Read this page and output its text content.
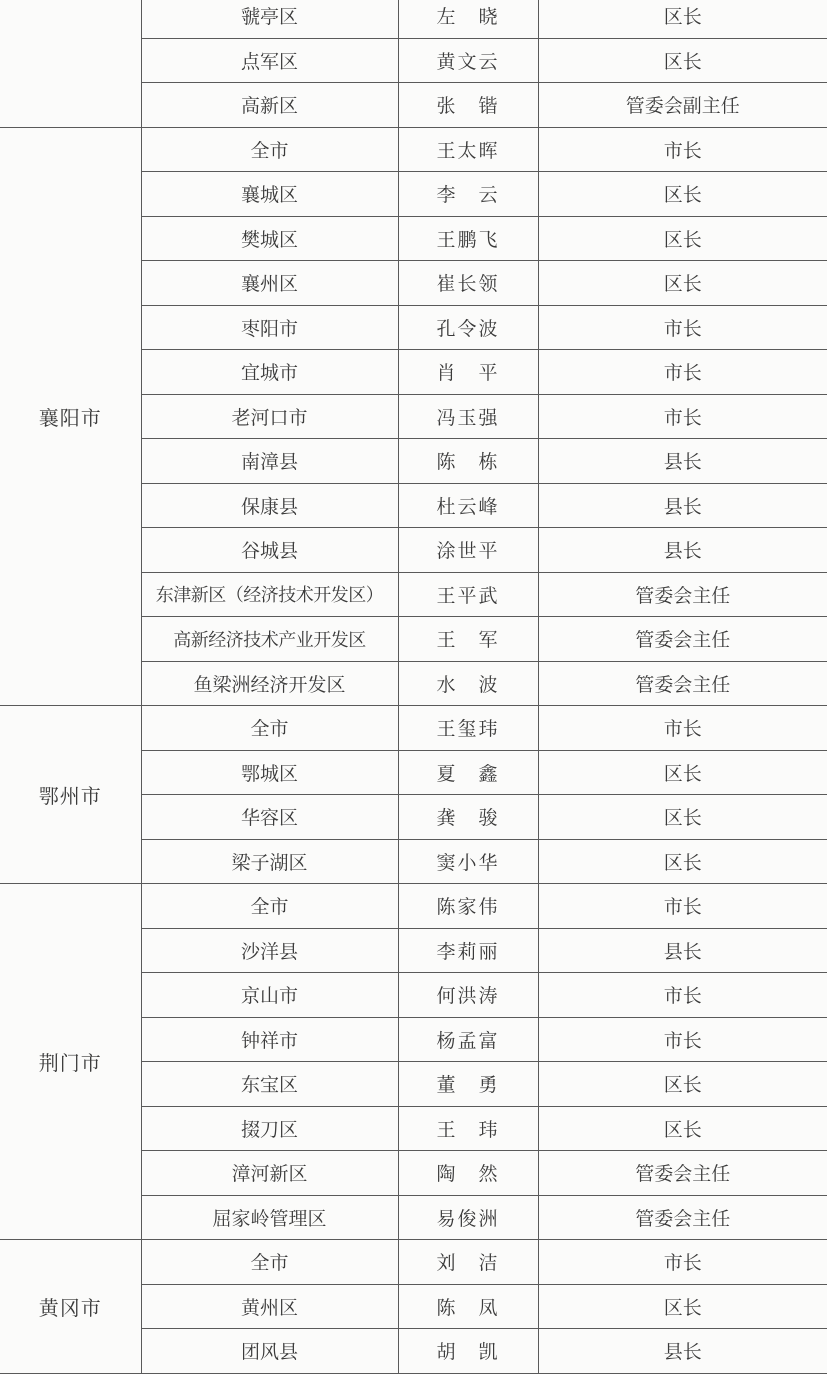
	虢亭区	左　晓	区长
	点军区	黄文云	区长
	高新区	张　锴	管委会副主任
襄阳市	全市	王太晖	市长
	襄城区	李　云	区长
	樊城区	王鹏飞	区长
	襄州区	崔长领	区长
	枣阳市	孔令波	市长
	宜城市	肖　平	市长
	老河口市	冯玉强	市长
	南漳县	陈　栋	县长
	保康县	杜云峰	县长
	谷城县	涂世平	县长
	东津新区（经济技术开发区）	王平武	管委会主任
	高新经济技术产业开发区	王　军	管委会主任
	鱼梁洲经济开发区	水　波	管委会主任
鄂州市	全市	王玺玮	市长
	鄂城区	夏　鑫	区长
	华容区	龚　骏	区长
	梁子湖区	窦小华	区长
荆门市	全市	陈家伟	市长
	沙洋县	李莉丽	县长
	京山市	何洪涛	市长
	钟祥市	杨孟富	市长
	东宝区	董　勇	区长
	掇刀区	王　玮	区长
	漳河新区	陶　然	管委会主任
	屈家岭管理区	易俊洲	管委会主任
黄冈市	全市	刘　洁	市长
	黄州区	陈　凤	区长
	团风县	胡　凯	县长
